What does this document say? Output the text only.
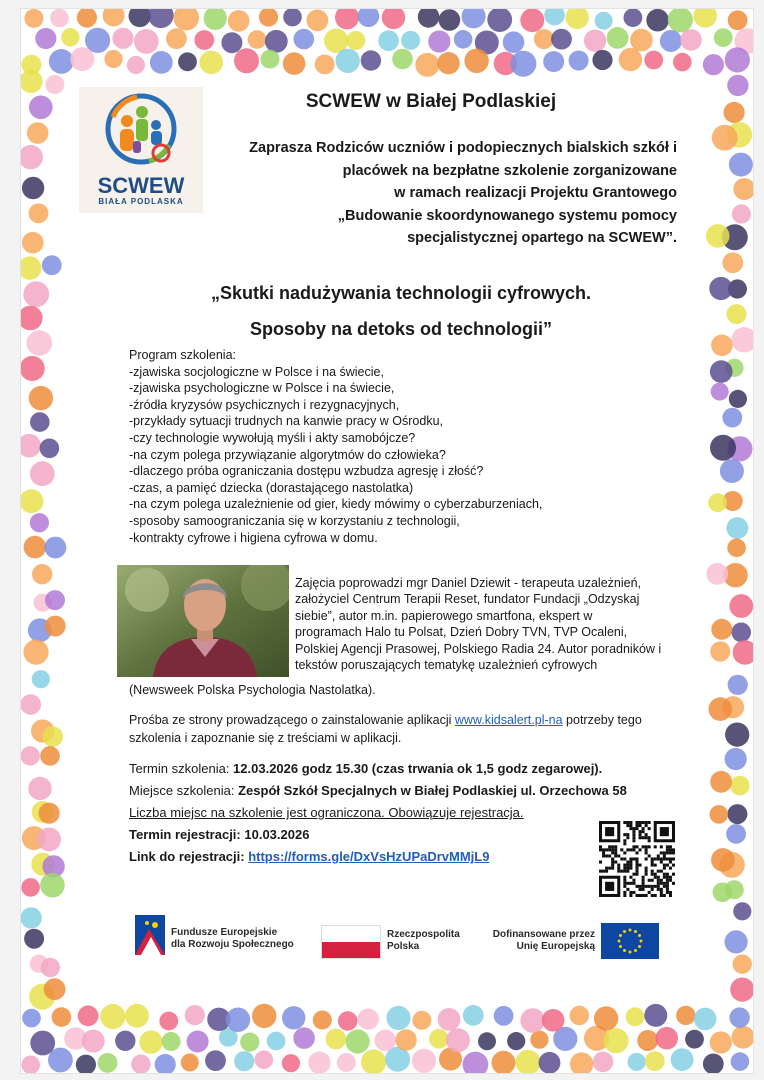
SCWEW
BIAŁA PODLASKA
SCWEW w Białej Podlaskiej
Zaprasza Rodziców uczniów i podopiecznych bialskich szkół i
placówek na bezpłatne szkolenie zorganizowane
w ramach realizacji Projektu Grantowego
„Budowanie skoordynowanego systemu pomocy
specjalistycznej opartego na SCWEW”.
„Skutki nadużywania technologii cyfrowych.
Sposoby na detoks od technologii”
Program szkolenia:
-zjawiska socjologiczne w Polsce i na świecie,
-zjawiska psychologiczne w Polsce i na świecie,
-źródła kryzysów psychicznych i rezygnacyjnych,
-przykłady sytuacji trudnych na kanwie pracy w Ośrodku,
-czy technologie wywołują myśli i akty samobójcze?
-na czym polega przywiązanie algorytmów do człowieka?
-dlaczego próba ograniczania dostępu wzbudza agresję i złość?
-czas, a pamięć dziecka (dorastającego nastolatka)
-na czym polega uzależnienie od gier, kiedy mówimy o cyberzaburzeniach,
-sposoby samoograniczania się w korzystaniu z technologii,
-kontrakty cyfrowe i higiena cyfrowa w domu.
Zajęcia poprowadzi mgr Daniel Dziewit - terapeuta uzależnień,
założyciel Centrum Terapii Reset, fundator Fundacji „Odzyskaj
siebie”, autor m.in. papierowego smartfona, ekspert w
programach Halo tu Polsat, Dzień Dobry TVN, TVP Ocaleni,
Polskiej Agencji Prasowej, Polskiego Radia 24. Autor poradników i
tekstów poruszających tematykę uzależnień cyfrowych
(Newsweek Polska Psychologia Nastolatka).
Prośba ze strony prowadzącego o zainstalowanie aplikacji www.kidsalert.pl-na potrzeby tego szkolenia i zapoznanie się z treściami w aplikacji.
Termin szkolenia: 12.03.2026 godz 15.30 (czas trwania ok 1,5 godz zegarowej).
Miejsce szkolenia: Zespół Szkół Specjalnych w Białej Podlaskiej ul. Orzechowa 58
Liczba miejsc na szkolenie jest ograniczona. Obowiązuje rejestracja.
Termin rejestracji: 10.03.2026
Link do rejestracji: https://forms.gle/DxVsHzUPaDrvMMjL9
Fundusze Europejskie
dla Rozwoju Społecznego
Rzeczpospolita
Polska
Dofinansowane przez
Unię Europejską
